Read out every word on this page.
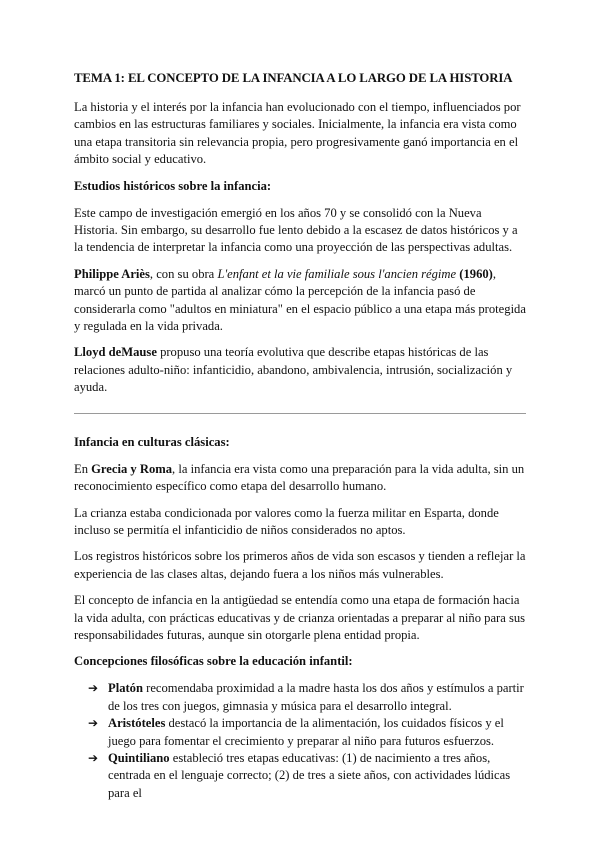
TEMA 1: EL CONCEPTO DE LA INFANCIA A LO LARGO DE LA HISTORIA

La historia y el interés por la infancia han evolucionado con el tiempo, influenciados por cambios en las estructuras familiares y sociales. Inicialmente, la infancia era vista como una etapa transitoria sin relevancia propia, pero progresivamente ganó importancia en el ámbito social y educativo.

Estudios históricos sobre la infancia:

Este campo de investigación emergió en los años 70 y se consolidó con la Nueva Historia. Sin embargo, su desarrollo fue lento debido a la escasez de datos históricos y a la tendencia de interpretar la infancia como una proyección de las perspectivas adultas.

Philippe Ariès, con su obra L'enfant et la vie familiale sous l'ancien régime (1960), marcó un punto de partida al analizar cómo la percepción de la infancia pasó de considerarla como "adultos en miniatura" en el espacio público a una etapa más protegida y regulada en la vida privada.

Lloyd deMause propuso una teoría evolutiva que describe etapas históricas de las relaciones adulto-niño: infanticidio, abandono, ambivalencia, intrusión, socialización y ayuda.

Infancia en culturas clásicas:

En Grecia y Roma, la infancia era vista como una preparación para la vida adulta, sin un reconocimiento específico como etapa del desarrollo humano.

La crianza estaba condicionada por valores como la fuerza militar en Esparta, donde incluso se permitía el infanticidio de niños considerados no aptos.

Los registros históricos sobre los primeros años de vida son escasos y tienden a reflejar la experiencia de las clases altas, dejando fuera a los niños más vulnerables.

El concepto de infancia en la antigüedad se entendía como una etapa de formación hacia la vida adulta, con prácticas educativas y de crianza orientadas a preparar al niño para sus responsabilidades futuras, aunque sin otorgarle plena entidad propia.

Concepciones filosóficas sobre la educación infantil:
➔ Platón recomendaba proximidad a la madre hasta los dos años y estímulos a partir de los tres con juegos, gimnasia y música para el desarrollo integral.
➔ Aristóteles destacó la importancia de la alimentación, los cuidados físicos y el juego para fomentar el crecimiento y preparar al niño para futuros esfuerzos.
➔ Quintiliano estableció tres etapas educativas: (1) de nacimiento a tres años, centrada en el lenguaje correcto; (2) de tres a siete años, con actividades lúdicas para el
